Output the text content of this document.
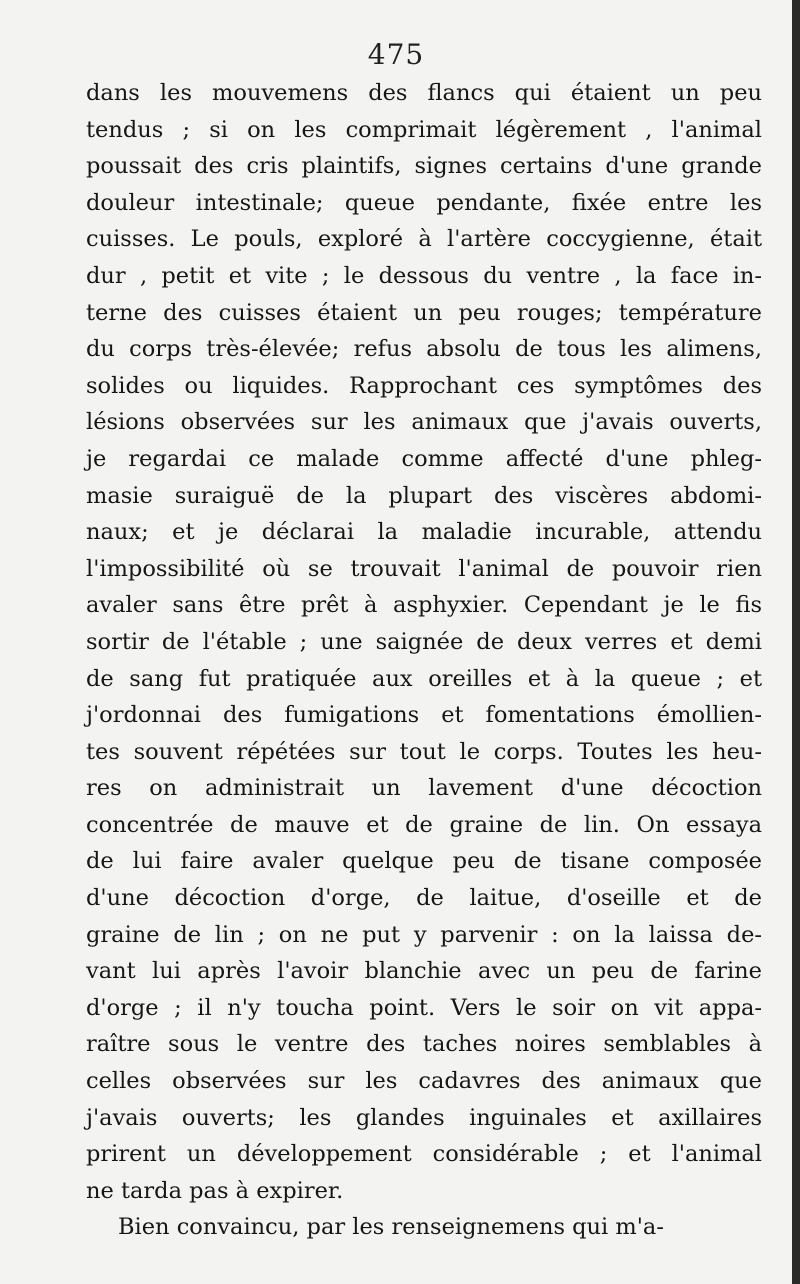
475
dans les mouvemens des flancs qui étaient un peu
tendus ; si on les comprimait légèrement , l'animal
poussait des cris plaintifs, signes certains d'une grande
douleur intestinale; queue pendante, fixée entre les
cuisses. Le pouls, exploré à l'artère coccygienne, était
dur , petit et vite ; le dessous du ventre , la face in-
terne des cuisses étaient un peu rouges; température
du corps très-élevée; refus absolu de tous les alimens,
solides ou liquides. Rapprochant ces symptômes des
lésions observées sur les animaux que j'avais ouverts,
je regardai ce malade comme affecté d'une phleg-
masie suraiguë de la plupart des viscères abdomi-
naux; et je déclarai la maladie incurable, attendu
l'impossibilité où se trouvait l'animal de pouvoir rien
avaler sans être prêt à asphyxier. Cependant je le fis
sortir de l'étable ; une saignée de deux verres et demi
de sang fut pratiquée aux oreilles et à la queue ; et
j'ordonnai des fumigations et fomentations émollien-
tes souvent répétées sur tout le corps. Toutes les heu-
res on administrait un lavement d'une décoction
concentrée de mauve et de graine de lin. On essaya
de lui faire avaler quelque peu de tisane composée
d'une décoction d'orge, de laitue, d'oseille et de
graine de lin ; on ne put y parvenir : on la laissa de-
vant lui après l'avoir blanchie avec un peu de farine
d'orge ; il n'y toucha point. Vers le soir on vit appa-
raître sous le ventre des taches noires semblables à
celles observées sur les cadavres des animaux que
j'avais ouverts; les glandes inguinales et axillaires
prirent un développement considérable ; et l'animal
ne tarda pas à expirer.
Bien convaincu, par les renseignemens qui m'a-
